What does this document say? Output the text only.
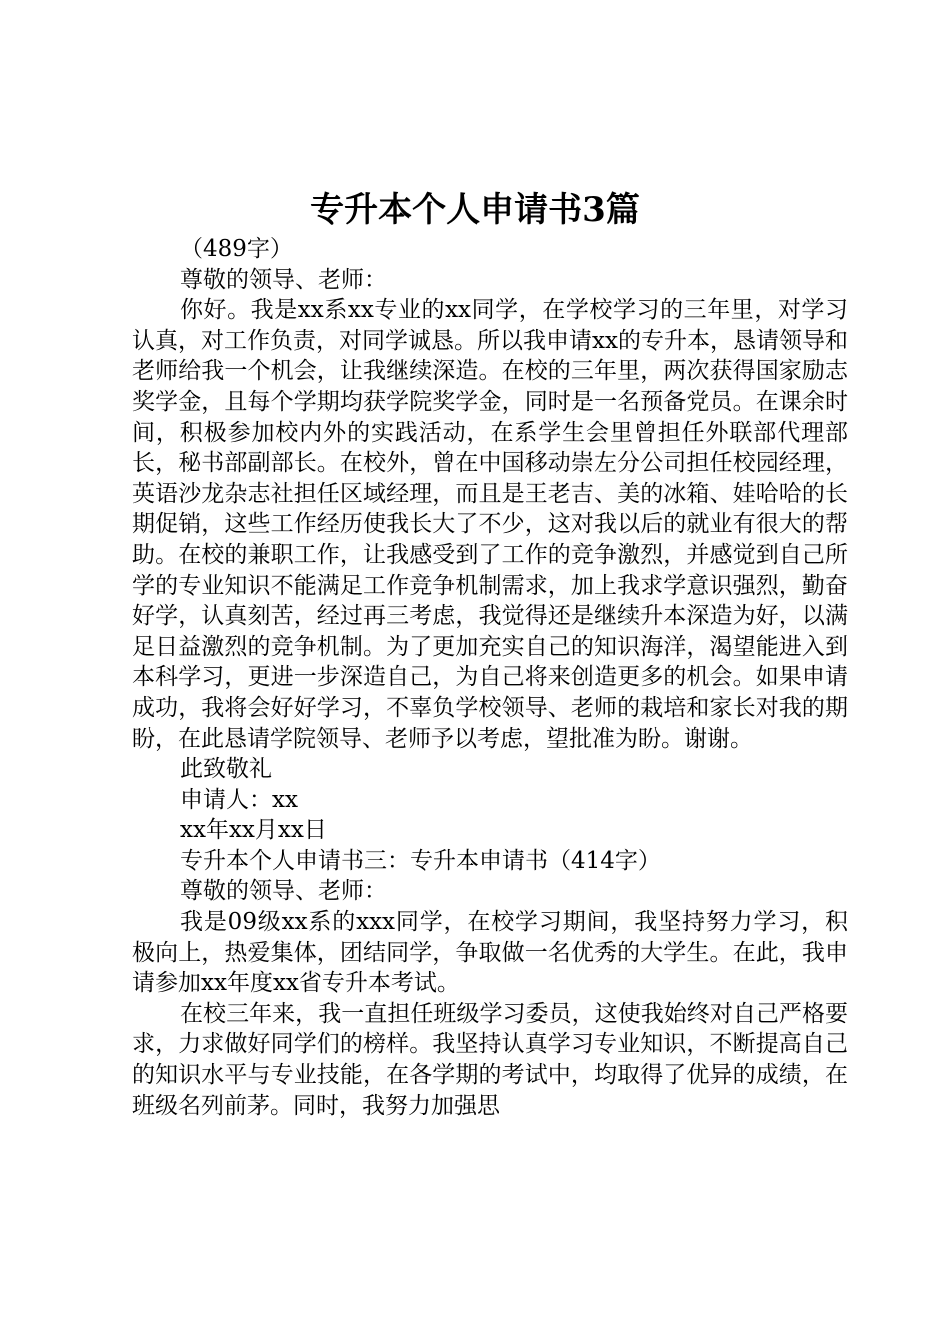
专升本个人申请书3篇

（489字）

尊敬的领导、老师：

你好。我是xx系xx专业的xx同学，在学校学习的三年里，对学习认真，对工作负责，对同学诚恳。所以我申请xx的专升本，恳请领导和老师给我一个机会，让我继续深造。在校的三年里，两次获得国家励志奖学金，且每个学期均获学院奖学金，同时是一名预备党员。在课余时间，积极参加校内外的实践活动，在系学生会里曾担任外联部代理部长，秘书部副部长。在校外，曾在中国移动崇左分公司担任校园经理，英语沙龙杂志社担任区域经理，而且是王老吉、美的冰箱、娃哈哈的长期促销，这些工作经历使我长大了不少，这对我以后的就业有很大的帮助。在校的兼职工作，让我感受到了工作的竞争激烈，并感觉到自己所学的专业知识不能满足工作竞争机制需求，加上我求学意识强烈，勤奋好学，认真刻苦，经过再三考虑，我觉得还是继续升本深造为好，以满足日益激烈的竞争机制。为了更加充实自己的知识海洋，渴望能进入到本科学习，更进一步深造自己，为自己将来创造更多的机会。如果申请成功，我将会好好学习，不辜负学校领导、老师的栽培和家长对我的期盼，在此恳请学院领导、老师予以考虑，望批准为盼。谢谢。

此致敬礼

申请人：xx

xx年xx月xx日

专升本个人申请书三：专升本申请书（414字）

尊敬的领导、老师：

我是09级xx系的xxx同学，在校学习期间，我坚持努力学习，积极向上，热爱集体，团结同学，争取做一名优秀的大学生。在此，我申请参加xx年度xx省专升本考试。

在校三年来，我一直担任班级学习委员，这使我始终对自己严格要求，力求做好同学们的榜样。我坚持认真学习专业知识，不断提高自己的知识水平与专业技能，在各学期的考试中，均取得了优异的成绩，在班级名列前茅。同时，我努力加强思
